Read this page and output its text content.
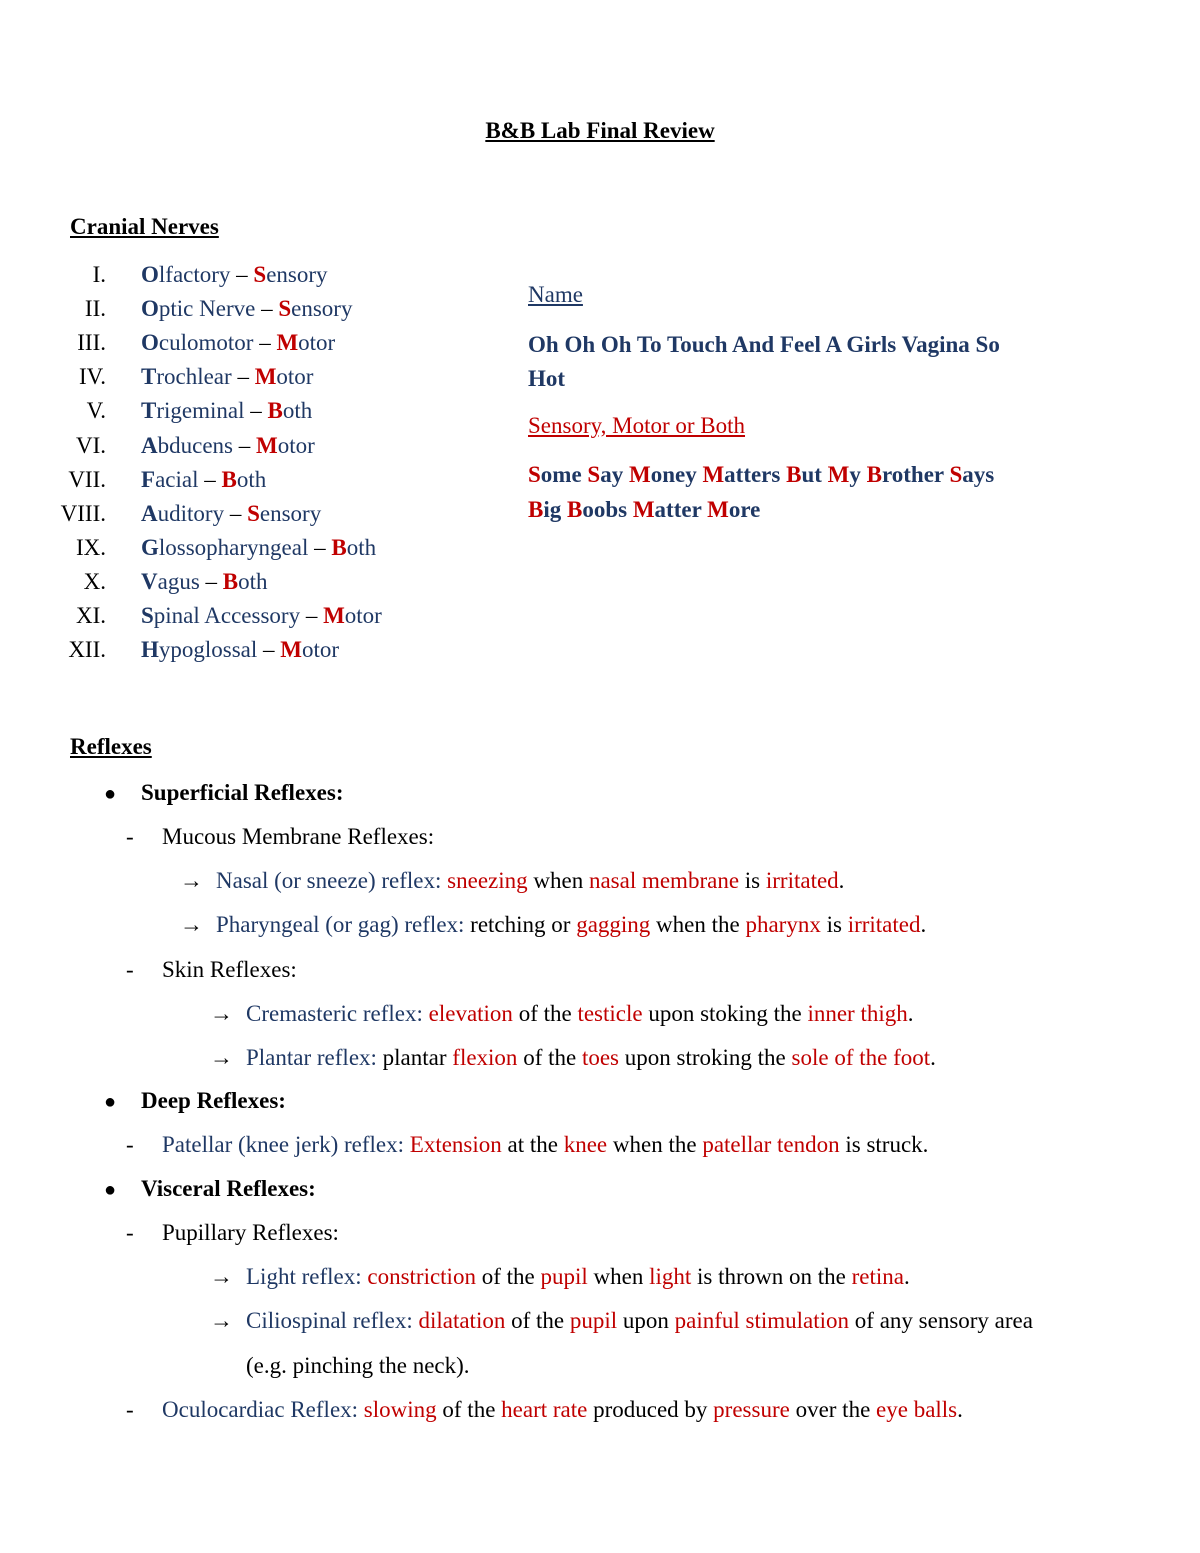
B&B Lab Final Review
Cranial Nerves
I. Olfactory – Sensory
II. Optic Nerve – Sensory
III. Oculomotor – Motor
IV. Trochlear – Motor
V. Trigeminal – Both
VI. Abducens – Motor
VII. Facial – Both
VIII. Auditory – Sensory
IX. Glossopharyngeal – Both
X. Vagus – Both
XI. Spinal Accessory – Motor
XII. Hypoglossal – Motor
Name
Oh Oh Oh To Touch And Feel A Girls Vagina So
Hot
Sensory, Motor or Both
Some Say Money Matters But My Brother Says
Big Boobs Matter More
Reflexes
● Superficial Reflexes:
- Mucous Membrane Reflexes:
→ Nasal (or sneeze) reflex: sneezing when nasal membrane is irritated.
→ Pharyngeal (or gag) reflex: retching or gagging when the pharynx is irritated.
- Skin Reflexes:
→ Cremasteric reflex: elevation of the testicle upon stoking the inner thigh.
→ Plantar reflex: plantar flexion of the toes upon stroking the sole of the foot.
● Deep Reflexes:
- Patellar (knee jerk) reflex: Extension at the knee when the patellar tendon is struck.
● Visceral Reflexes:
- Pupillary Reflexes:
→ Light reflex: constriction of the pupil when light is thrown on the retina.
→ Ciliospinal reflex: dilatation of the pupil upon painful stimulation of any sensory area
(e.g. pinching the neck).
- Oculocardiac Reflex: slowing of the heart rate produced by pressure over the eye balls.
